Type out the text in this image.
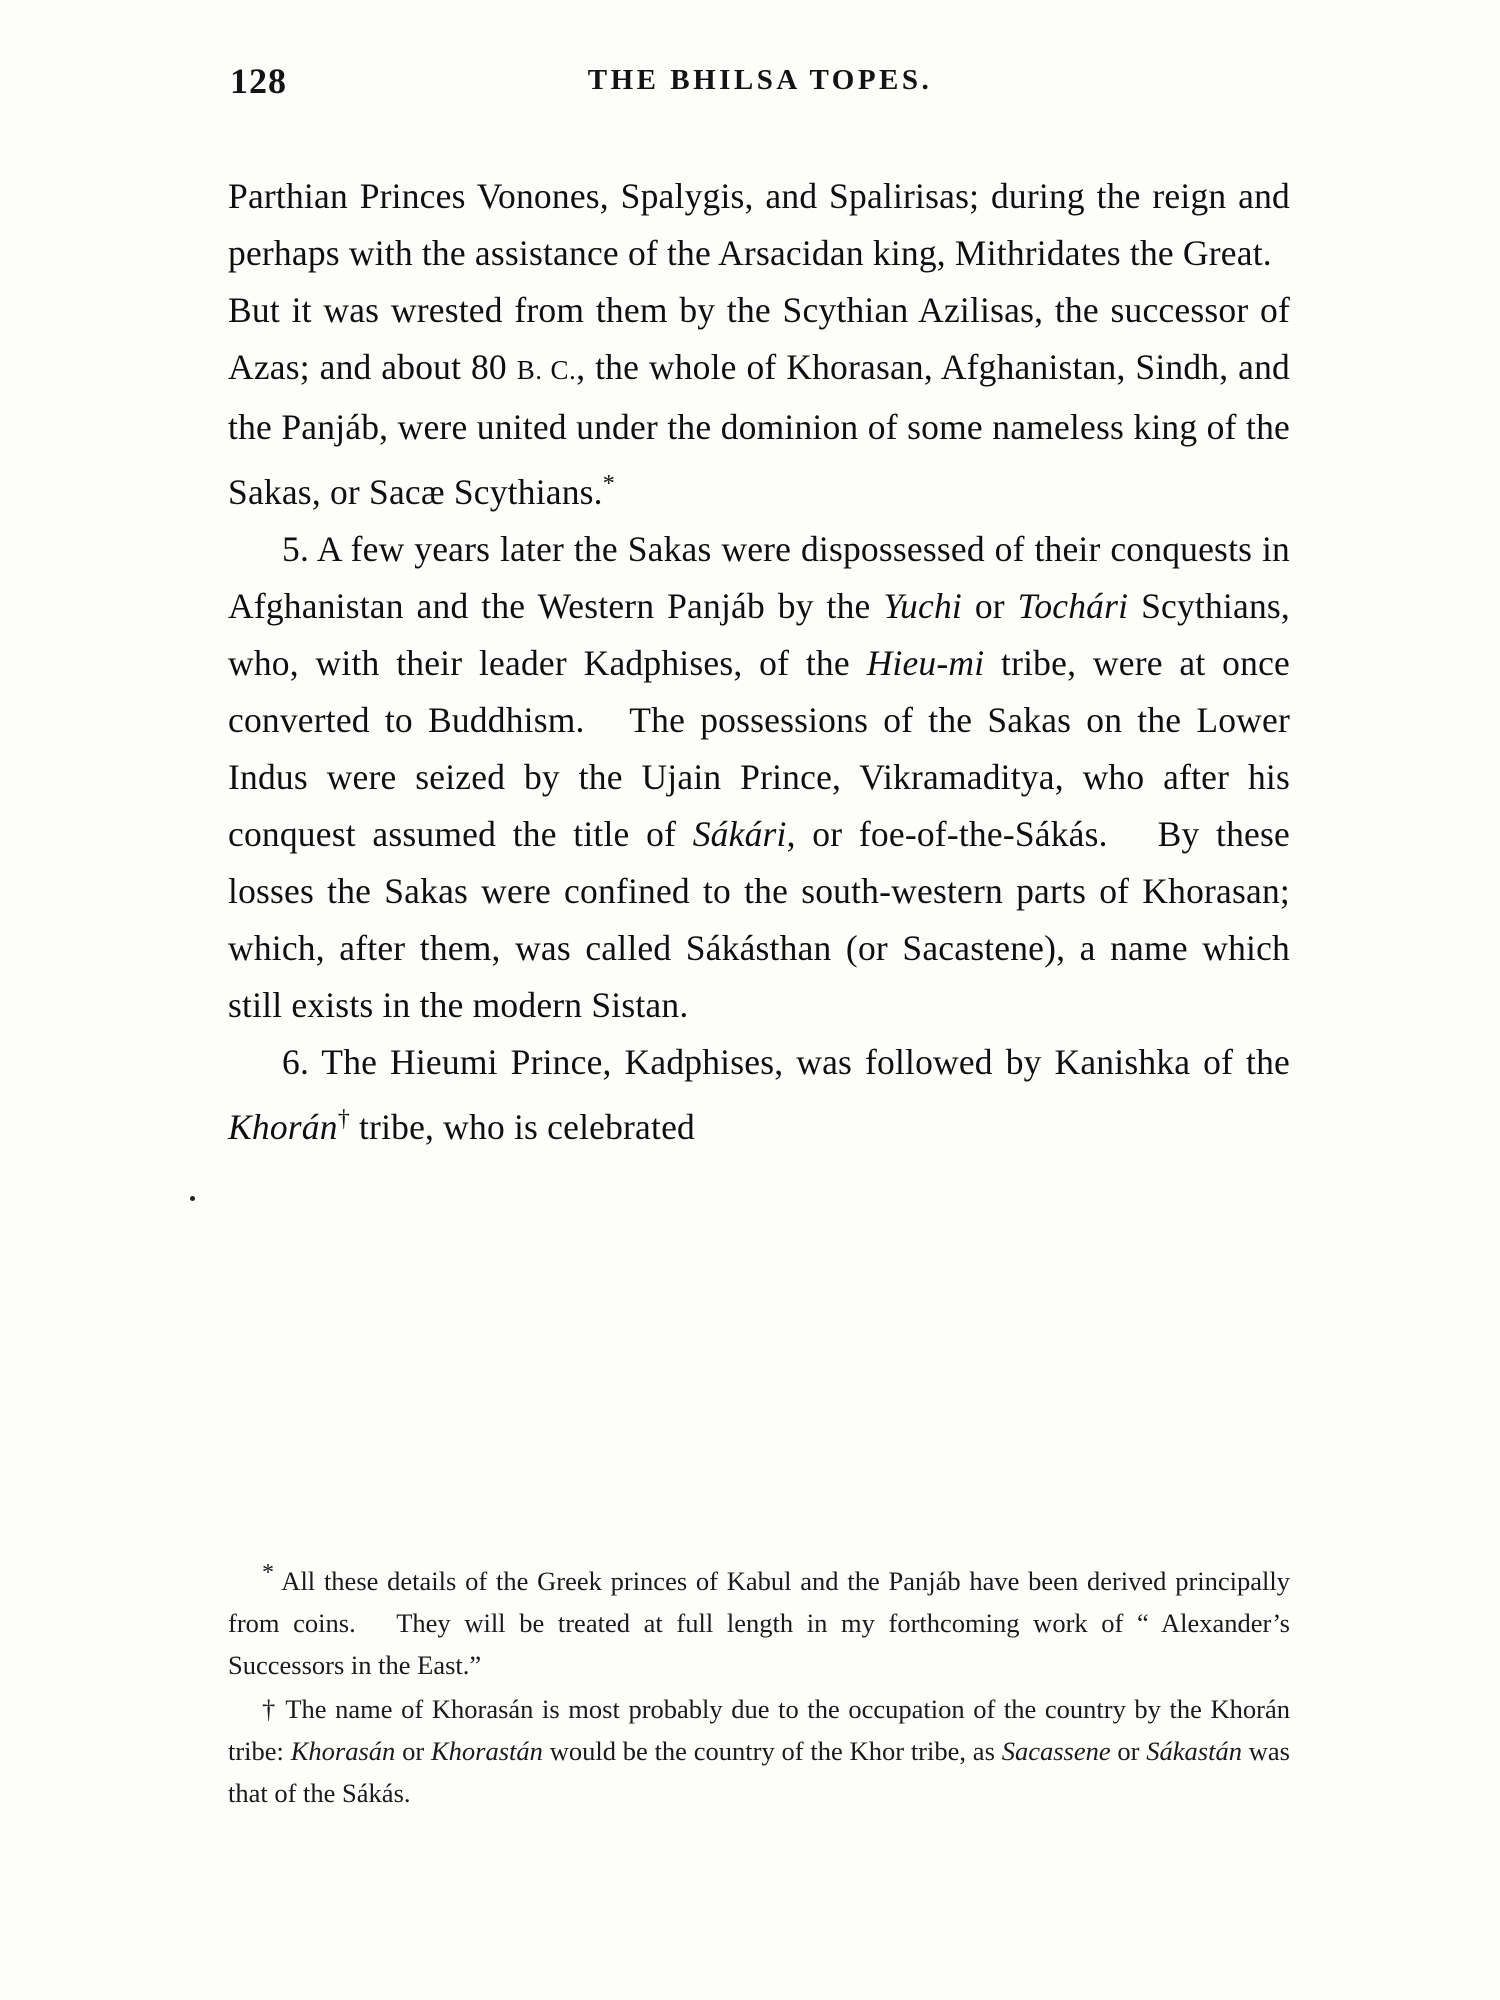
128	THE BHILSA TOPES.

Parthian Princes Vonones, Spalygis, and Spalirisas; during the reign and perhaps with the assistance of the Arsacidan king, Mithridates the Great.   But it was wrested from them by the Scythian Azilisas, the successor of Azas; and about 80 B. C., the whole of Khorasan, Afghanistan, Sindh, and the Panjáb, were united under the dominion of some nameless king of the Sakas, or Sacæ Scythians.*

5. A few years later the Sakas were dispossessed of their conquests in Afghanistan and the Western Panjáb by the Yuchi or Tochári Scythians, who, with their leader Kadphises, of the Hieu-mi tribe, were at once converted to Buddhism.   The possessions of the Sakas on the Lower Indus were seized by the Ujain Prince, Vikramaditya, who after his conquest assumed the title of Sákári, or foe-of-the-Sákás.   By these losses the Sakas were confined to the south-western parts of Khorasan; which, after them, was called Sákásthan (or Sacastene), a name which still exists in the modern Sistan.

6. The Hieumi Prince, Kadphises, was followed by Kanishka of the Khorán† tribe, who is celebrated

* All these details of the Greek princes of Kabul and the Panjáb have been derived principally from coins.   They will be treated at full length in my forthcoming work of “ Alexander’s Successors in the East.”

† The name of Khorasán is most probably due to the occupation of the country by the Khorán tribe: Khorasán or Khorastán would be the country of the Khor tribe, as Sacassene or Sákastán was that of the Sákás.
